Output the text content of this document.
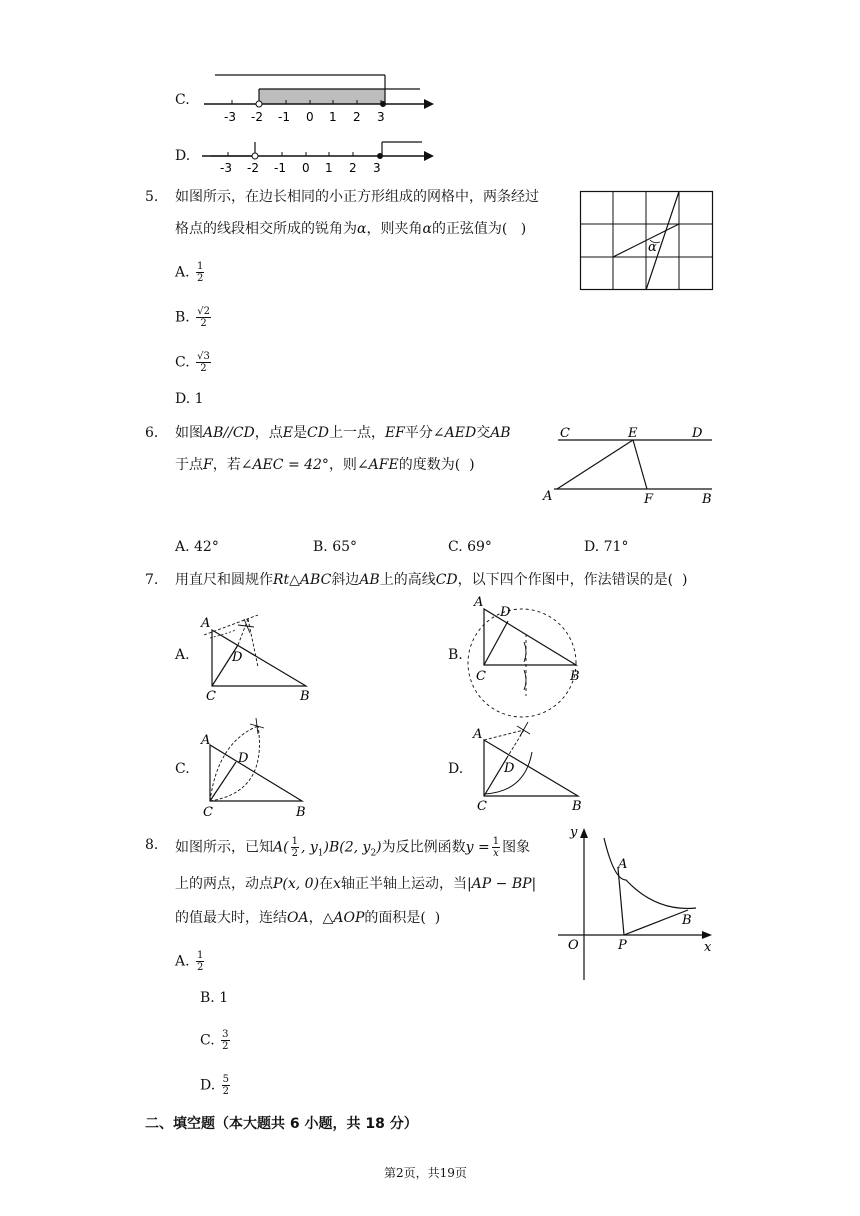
C.
-3 -2 -1 0 1 2 3
D.
-3 -2 -1 0 1 2 3
5. 如图所示，在边长相同的小正方形组成的网格中，两条经过
格点的线段相交所成的锐角为α，则夹角α的正弦值为( )
α
A. $\frac{1}{2}$
B. $\frac{√2}{2}$
C. $\frac{√3}{2}$
D. 1
6. 如图AB//CD，点E是CD上一点，EF平分∠AED交AB
于点F，若∠AEC = 42°，则∠AFE的度数为( )
C	E	D
A	F	B
A. 42°	B. 65°	C. 69°	D. 71°
7. 用直尺和圆规作Rt△ABC斜边AB上的高线CD，以下四个作图中，作法错误的是( )
A.
A
D
C	B
B.
A
D
C	B
C.
A
D
C	B
D.
A
D
C	B
8. 如图所示，已知$A( \frac{1}{2}$ , $y_1)B(2$, $y_2$)为反比例函数$y = \frac{1}{x}$ 图象
上的两点，动点P(x, 0)在x轴正半轴上运动，当|AP − BP|
的值最大时，连结OA，△AOP的面积是( )
y
x
O	P
A
B
A. $\frac{1}{2}$
B. 1
C. $\frac{3}{2}$
D. $\frac{5}{2}$
二、填空题（本大题共 6 小题，共 18 分）
第2页，共19页
